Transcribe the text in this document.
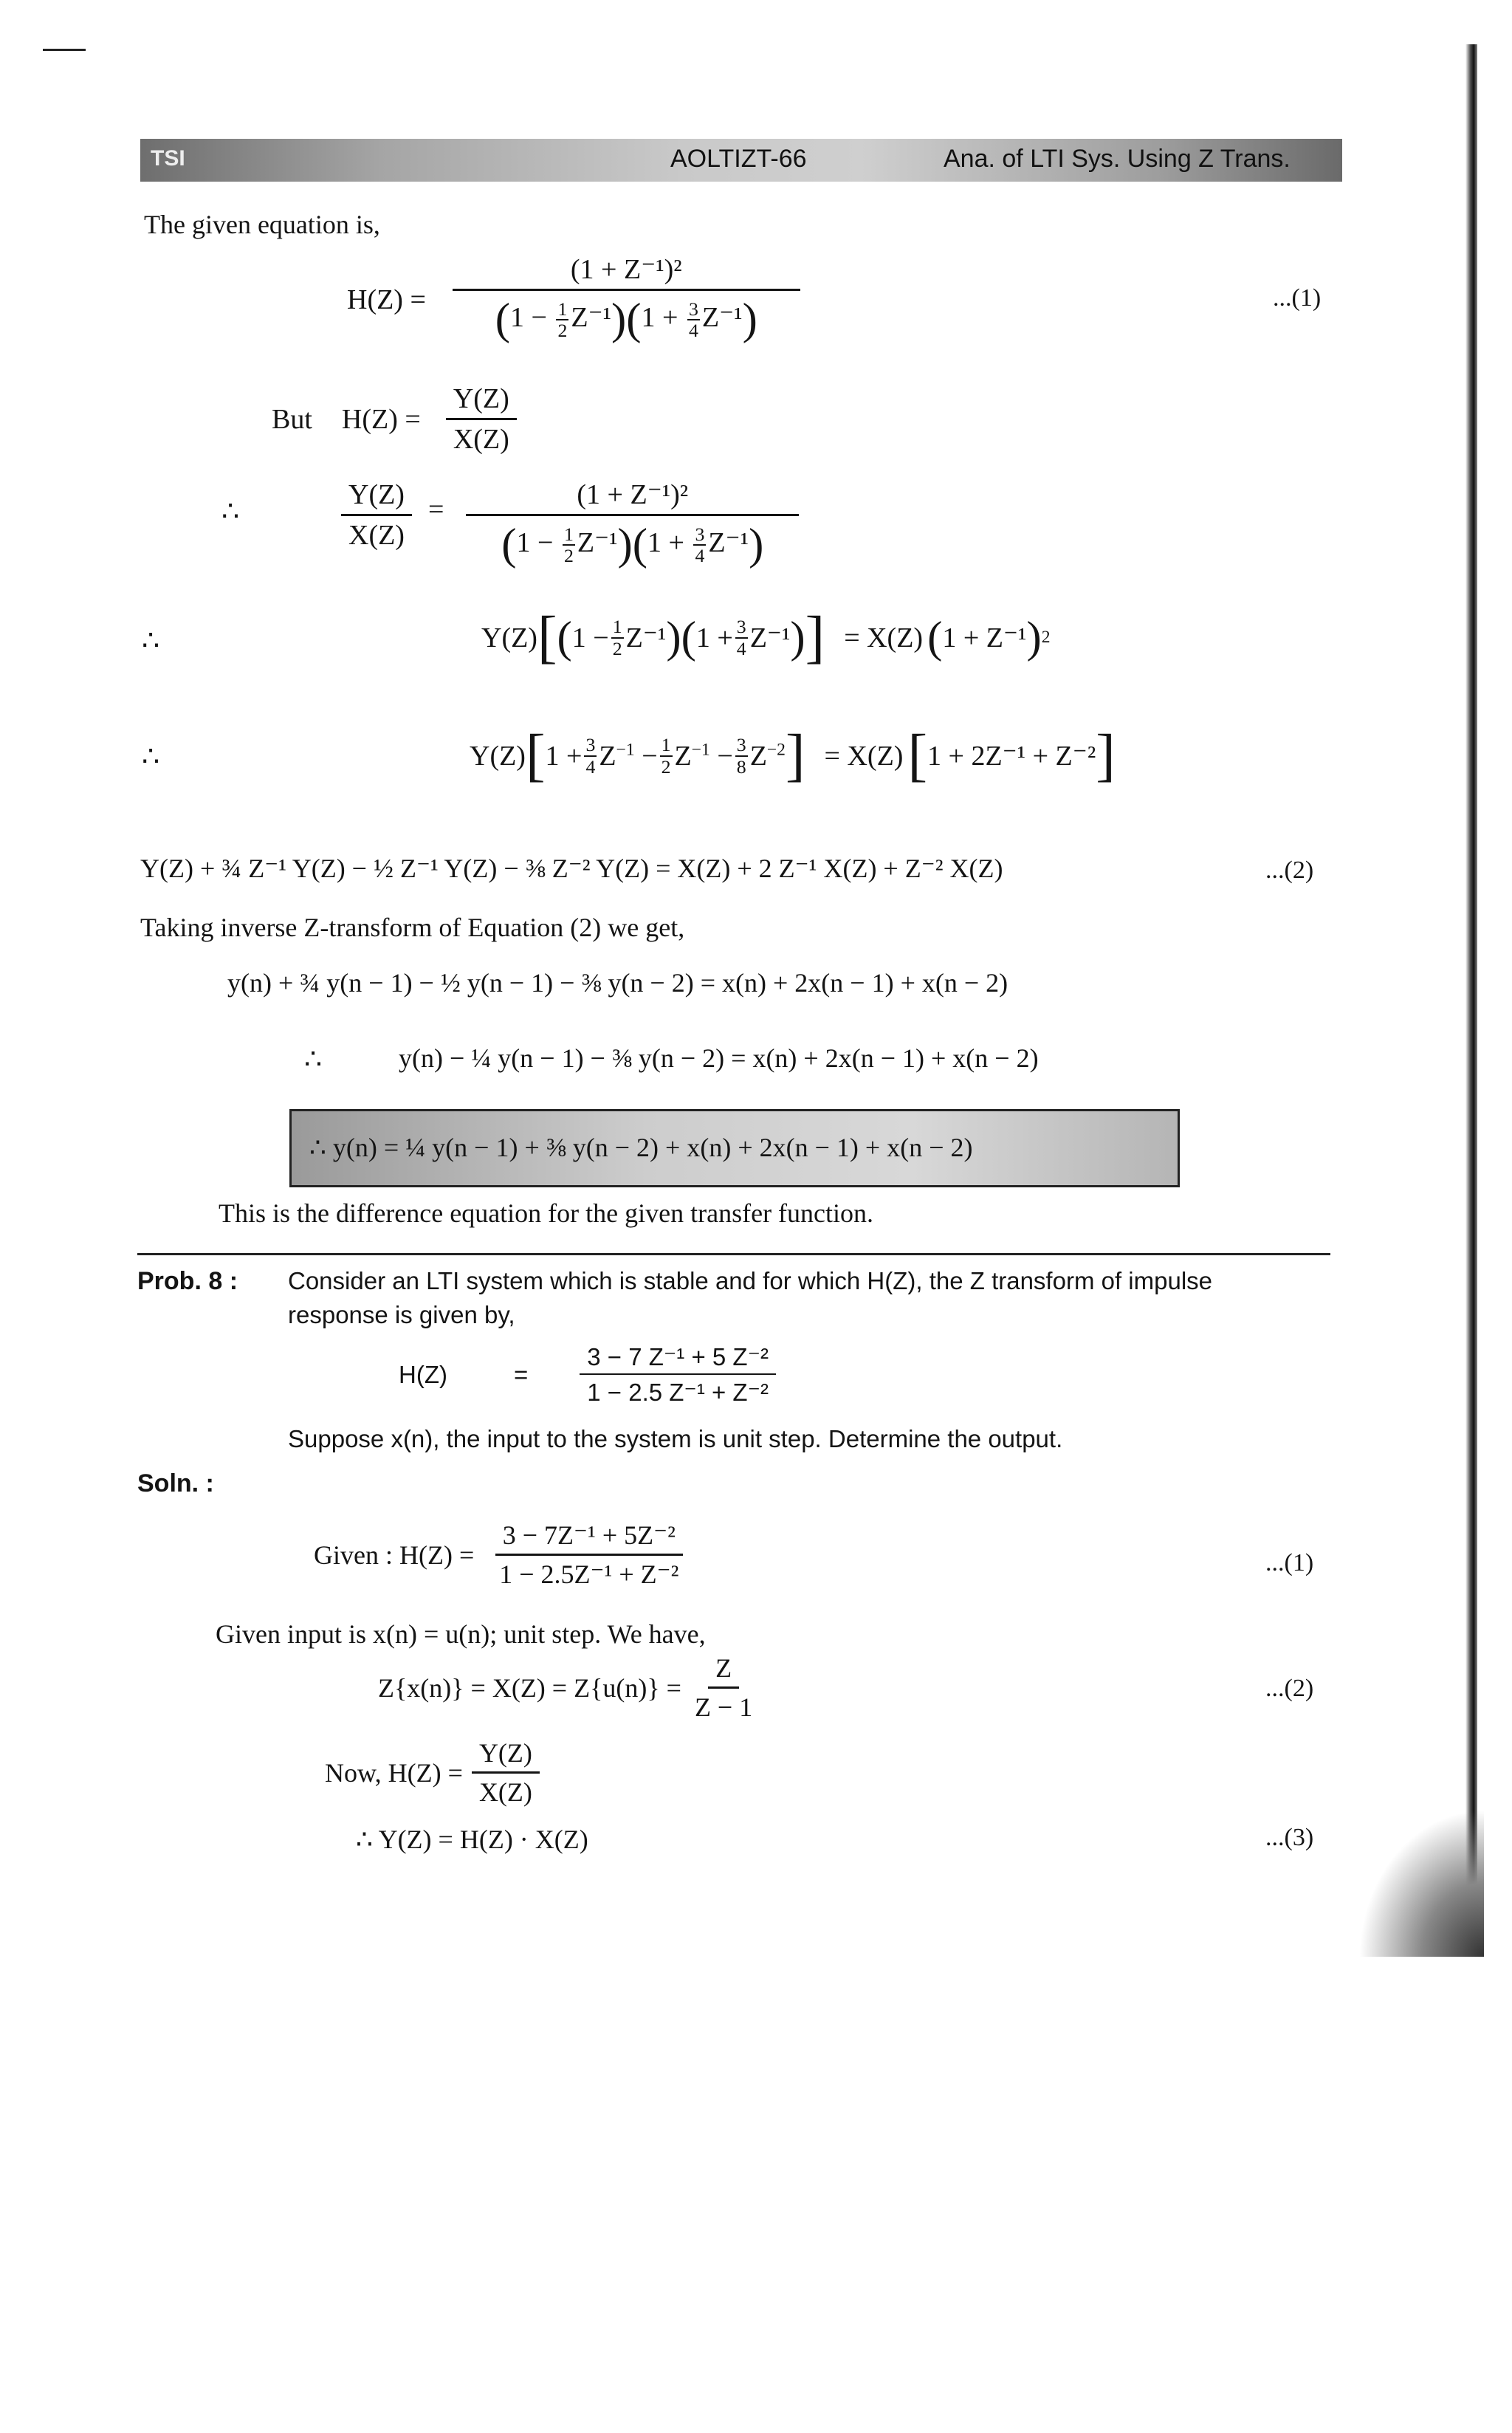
TSI	AOLTIZT-66	Ana. of LTI Sys. Using Z Trans.
The given equation is,
$H(Z) = \frac{\text{(1 + Z⁻¹)²}}{(1 - \frac{1}{2} Z^{-1})(1 + \frac{3}{4} Z^{-1})}$	...(1)
But $H(Z) = \frac{Y(Z)}{X(Z)}$
∴	$\frac{Y(Z)}{X(Z)} = \frac{\text{(1 + Z⁻¹)²}}{(1 - \frac{1}{2} Z^{-1})(1 + \frac{3}{4} Z^{-1})}$
∴	Y(Z) [ ( $1 - \frac{1}{2} Z^{-1}$ ) ( $1 + \frac{3}{4} Z^{-1}$ ) ] = X(Z) ( 1 + Z⁻¹ ) 2
∴	Y(Z) [ $1 + \frac{3}{4} Z^{-1} - \frac{1}{2} Z^{-1} - \frac{3}{8} Z^{-2}$ ] = X(Z) [ 1 + 2Z⁻¹ + Z⁻² ]
Y(Z) + ¾ Z⁻¹ Y(Z) − ½ Z⁻¹ Y(Z) − ⅜ Z⁻² Y(Z) = X(Z) + 2 Z⁻¹ X(Z) + Z⁻² X(Z)	...(2)
Taking inverse Z-transform of Equation (2) we get,
y(n) + ¾ y(n − 1) − ½ y(n − 1) − ⅜ y(n − 2) = x(n) + 2x(n − 1) + x(n − 2)
∴	y(n) − ¼ y(n − 1) − ⅜ y(n − 2) = x(n) + 2x(n − 1) + x(n − 2)
∴ y(n) = ¼ y(n − 1) + ⅜ y(n − 2) + x(n) + 2x(n − 1) + x(n − 2)
This is the difference equation for the given transfer function.
Prob. 8 : Consider an LTI system which is stable and for which H(Z), the Z transform of impulse
response is given by,
H(Z)	= $\frac{\text{3 − 7 Z⁻¹ + 5 Z⁻²}}{\text{1 − 2.5 Z⁻¹ + Z⁻²}}$
Suppose x(n), the input to the system is unit step. Determine the output.
Soln. :
Given : $H(Z) = \frac{\text{3 − 7Z⁻¹ + 5Z⁻²}}{\text{1 − 2.5Z⁻¹ + Z⁻²}}$	...(1)
Given input is x(n) = u(n); unit step. We have,
$Z\{x(n)\} = X(Z) = Z\{u(n)\} = \frac{Z}{Z - 1}$	...(2)
Now, $H(Z) = \frac{Y(Z)}{X(Z)}$
∴ Y(Z) = H(Z) · X(Z)	...(3)
